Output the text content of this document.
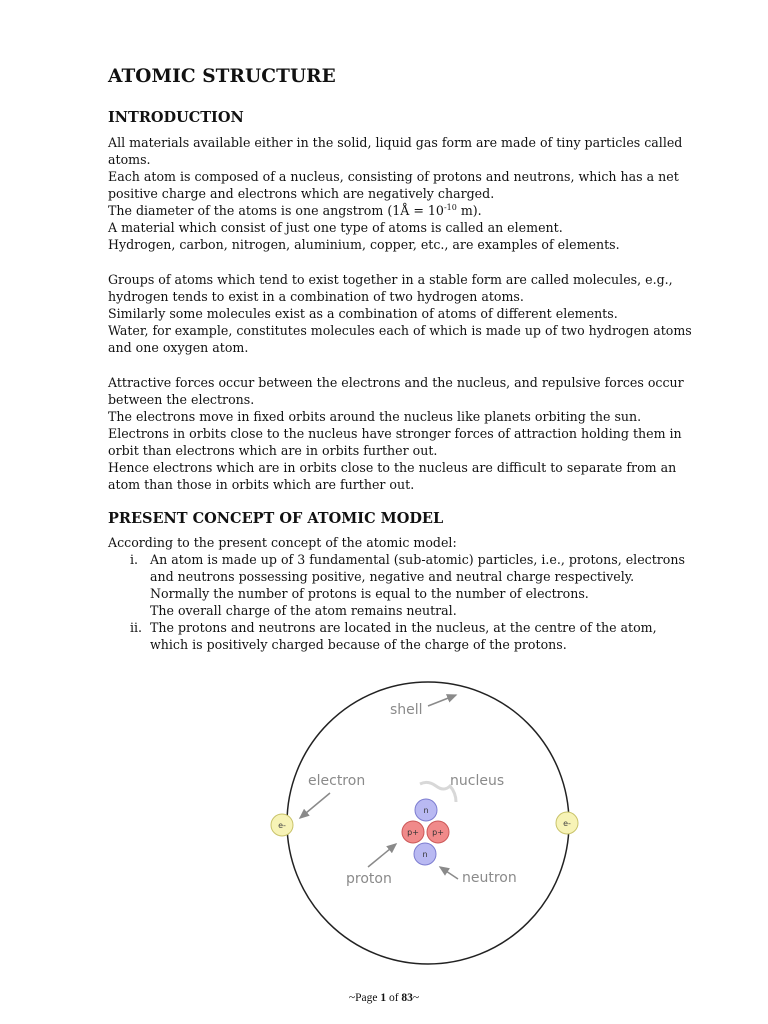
ATOMIC STRUCTURE
INTRODUCTION

All materials available either in the solid, liquid gas form are made of tiny particles called atoms.

Each atom is composed of a nucleus, consisting of protons and neutrons, which has a net positive charge and electrons which are negatively charged.

The diameter of the atoms is one angstrom (1Å = $10^{-10}$ m).

A material which consist of just one type of atoms is called an element.

Hydrogen, carbon, nitrogen, aluminium, copper, etc., are examples of elements.

Groups of atoms which tend to exist together in a stable form are called molecules, e.g., hydrogen tends to exist in a combination of two hydrogen atoms.

Similarly some molecules exist as a combination of atoms of different elements.

Water, for example, constitutes molecules each of which is made up of two hydrogen atoms and one oxygen atom.

Attractive forces occur between the electrons and the nucleus, and repulsive forces occur between the electrons.

The electrons move in fixed orbits around the nucleus like planets orbiting the sun.

Electrons in orbits close to the nucleus have stronger forces of attraction holding them in orbit than electrons which are in orbits further out.

Hence electrons which are in orbits close to the nucleus are difficult to separate from an atom than those in orbits which are further out.

PRESENT CONCEPT OF ATOMIC MODEL
According to the present concept of the atomic model:
i. An atom is made up of 3 fundamental (sub-atomic) particles, i.e., protons, electrons and neutrons possessing positive, negative and neutral charge respectively.

Normally the number of protons is equal to the number of electrons.

The overall charge of the atom remains neutral.

ii. The protons and neutrons are located in the nucleus, at the centre of the atom, which is positively charged because of the charge of the protons.

e-	e-
n
p+ p+
n
shell
electron	nucleus
proton	neutron
~Page 1 of 83~
